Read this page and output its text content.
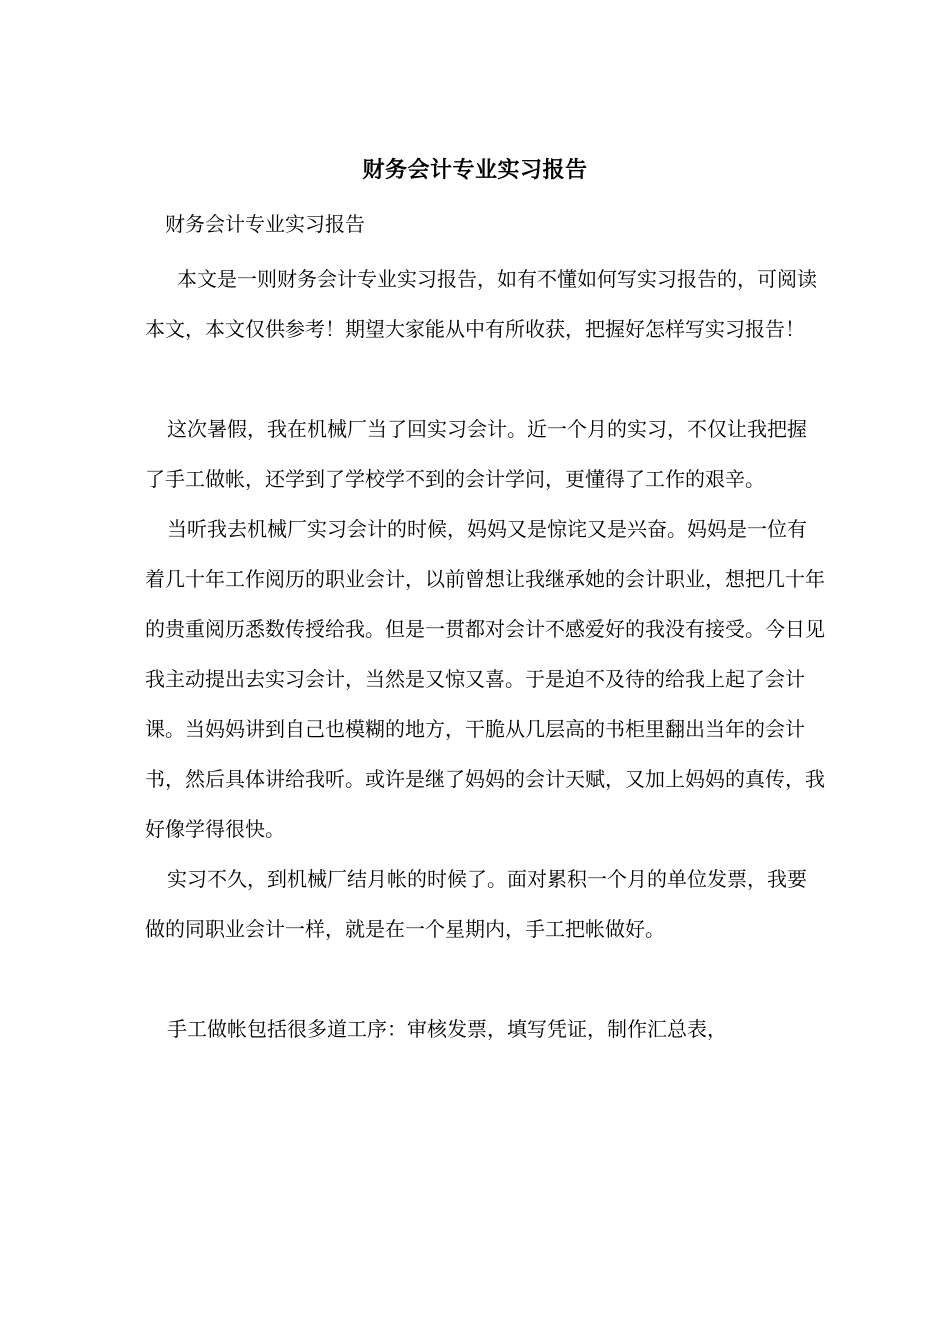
财务会计专业实习报告
财务会计专业实习报告

本文是一则财务会计专业实习报告，如有不懂如何写实习报告的，可阅读本文，本文仅供参考！期望大家能从中有所收获，把握好怎样写实习报告！

这次暑假，我在机械厂当了回实习会计。近一个月的实习，不仅让我把握了手工做帐，还学到了学校学不到的会计学问，更懂得了工作的艰辛。

当听我去机械厂实习会计的时候，妈妈又是惊诧又是兴奋。妈妈是一位有着几十年工作阅历的职业会计，以前曾想让我继承她的会计职业，想把几十年的贵重阅历悉数传授给我。但是一贯都对会计不感爱好的我没有接受。今日见我主动提出去实习会计，当然是又惊又喜。于是迫不及待的给我上起了会计课。当妈妈讲到自己也模糊的地方，干脆从几层高的书柜里翻出当年的会计书，然后具体讲给我听。或许是继了妈妈的会计天赋，又加上妈妈的真传，我好像学得很快。

实习不久，到机械厂结月帐的时候了。面对累积一个月的单位发票，我要做的同职业会计一样，就是在一个星期内，手工把帐做好。

手工做帐包括很多道工序：审核发票，填写凭证，制作汇总表，
